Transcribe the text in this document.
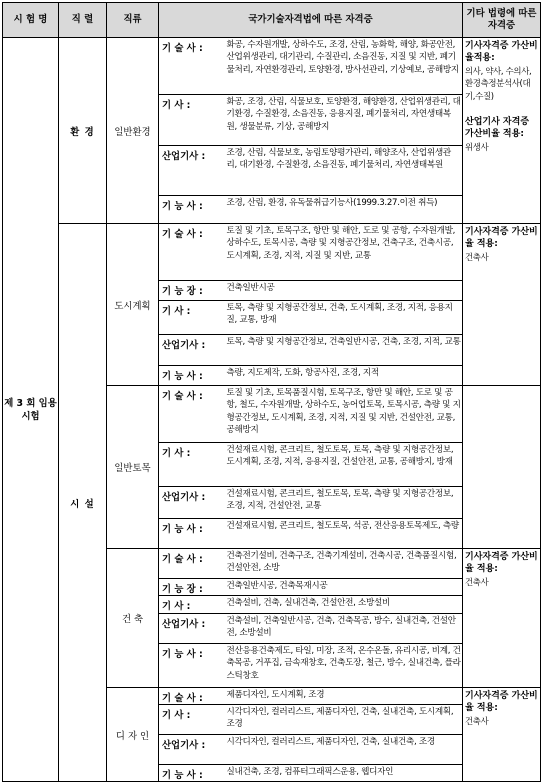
시 험 명	직 렬	직류	국가기술자격법에 따른 자격증		기타 법령에 따른 자격증
제 3 회 임용시험	환 경	일반환경	기 술 사 :	화공, 수자원개발, 상하수도, 조경, 산림, 농화학, 해양, 화공안전, 산업위생관리, 대기관리, 수질관리, 소음진동, 지질 및 지반, 폐기물처리, 자연환경관리, 토양환경, 방사선관리, 기상예보, 공해방지	기사자격증 가산비율적용:
의사, 약사, 수의사, 환경측정분석사(대기,수질)
산업기사 자격증 가산비율 적용:
위생사

			기 사 :	화공, 조경, 산림, 식물보호, 토양환경, 해양환경, 산업위생관리, 대기환경, 수질환경, 소음진동, 응용지질, 폐기물처리, 자연생태복원, 생물분류, 기상, 공해방지	
			산업기사 :	조경, 산림, 식물보호, 농림토양평가관리, 해양조사, 산업위생관리, 대기환경, 수질환경, 소음진동, 폐기물처리, 자연생태복원	
			기 능 사 :	조경, 산림, 환경, 유독물취급기능사(1999.3.27.이전 취득)	
	시 설	도시계획	기 술 사 :	토질 및 기초, 토목구조, 항만 및 해안, 도로 및 공항, 수자원개발, 상하수도, 토목시공, 측량 및 지형공간정보, 건축구조, 건축시공, 도시계획, 조경, 지적, 지질 및 지반, 교통	기사자격증 가산비율 적용:
건축사

			기 능 장 :	건축일반시공	
			기 사 :	토목, 측량 및 지형공간정보, 건축, 도시계획, 조경, 지적, 응용지질, 교통, 방재	
			산업기사 :	토목, 측량 및 지형공간정보, 건축일반시공, 건축, 조경, 지적, 교통	
			기 능 사 :	측량, 지도제작, 도화, 항공사진, 조경, 지적	
		일반토목	기 술 사 :	토질 및 기초, 토목품질시험, 토목구조, 항만 및 해안, 도로 및 공항, 철도, 수자원개발, 상하수도, 농어업토목, 토목시공, 측량 및 지형공간정보, 도시계획, 조경, 지적, 지질 및 지반, 건설안전, 교통, 공해방지	
			기 사 :	건설재료시험, 콘크리트, 철도토목, 토목, 측량 및 지형공간정보, 도시계획, 조경, 지적, 응용지질, 건설안전, 교통, 공해방지, 방재	
			산업기사 :	건설재료시험, 콘크리트, 철도토목, 토목, 측량 및 지형공간정보, 조경, 지적, 건설안전, 교통	
			기 능 사 :	건설재료시험, 콘크리트, 철도토목, 석공, 전산응용토목제도, 측량	
		건 축	기 술 사 :	건축전기설비, 건축구조, 건축기계설비, 건축시공, 건축품질시험, 건설안전, 소방	기사자격증 가산비율 적용:
건축사

			기 능 장 :	건축일반시공, 건축목재시공	
			기 사 :	건축설비, 건축, 실내건축, 건설안전, 소방설비	
			산업기사 :	건축설비, 건축일반시공, 건축, 건축목공, 방수, 실내건축, 건설안전, 소방설비	
			기 능 사 :	전산응용건축제도, 타일, 미장, 조적, 온수온돌, 유리시공, 비계, 건축목공, 거푸집, 금속재창호, 건축도장, 철근, 방수, 실내건축, 플라스틱창호	
		디 자 인	기 술 사 :	제품디자인, 도시계획, 조경	기사자격증 가산비율 적용:
건축사

			기 사 :	시각디자인, 컬러리스트, 제품디자인, 건축, 실내건축, 도시계획, 조경	
			산업기사 :	시각디자인, 컬러리스트, 제품디자인, 건축, 실내건축, 조경	
			기 능 사 :	실내건축, 조경, 컴퓨터그래픽스운용, 웹디자인	
